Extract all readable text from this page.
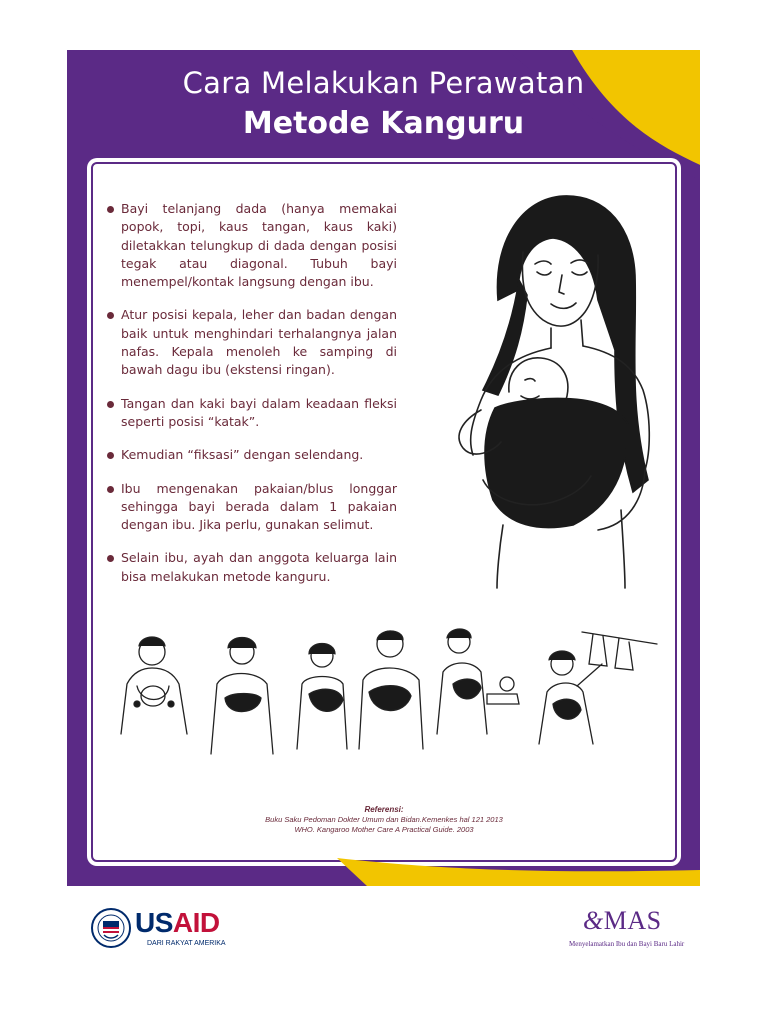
Cara Melakukan Perawatan
Metode Kanguru
Bayi telanjang dada (hanya memakai popok, topi, kaus tangan, kaus kaki) diletakkan telungkup di dada dengan posisi tegak atau diagonal. Tubuh bayi menempel/kontak langsung dengan ibu.
Atur posisi kepala, leher dan badan dengan baik untuk menghindari terhalangnya jalan nafas. Kepala menoleh ke samping di bawah dagu ibu (ekstensi ringan).
Tangan dan kaki bayi dalam keadaan fleksi seperti posisi “katak”.
Kemudian “fiksasi” dengan selendang.
Ibu mengenakan pakaian/blus longgar sehingga bayi berada dalam 1 pakaian dengan ibu. Jika perlu, gunakan selimut.
Selain ibu, ayah dan anggota keluarga lain bisa melakukan metode kanguru.
Referensi:
Buku Saku Pedoman Dokter Umum dan Bidan.Kemenkes hal 121 2013
WHO. Kangaroo Mother Care A Practical Guide. 2003
USAID
DARI RAKYAT AMERIKA
&MAS
Menyelamatkan Ibu dan Bayi Baru Lahir
